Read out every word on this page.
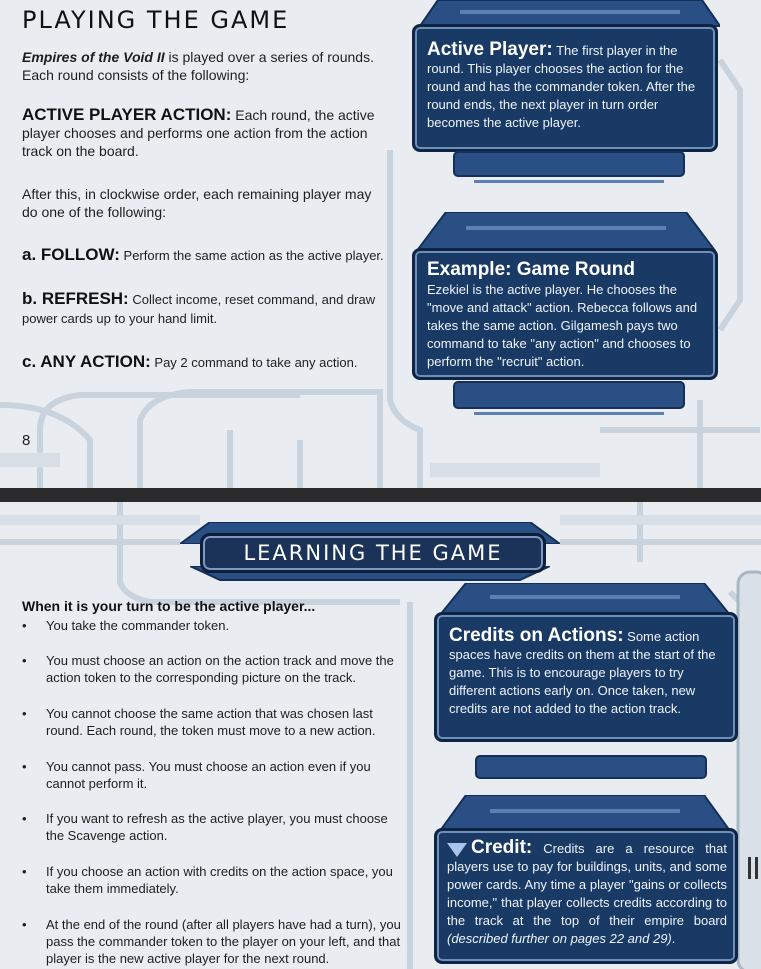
PLAYING THE GAME
Empires of the Void II is played over a series of rounds. Each round consists of the following:
ACTIVE PLAYER ACTION: Each round, the active player chooses and performs one action from the action track on the board.
After this, in clockwise order, each remaining player may do one of the following:
a. FOLLOW: Perform the same action as the active player.
b. REFRESH: Collect income, reset command, and draw power cards up to your hand limit.
c. ANY ACTION: Pay 2 command to take any action.
8
Active Player: The first player in the round. This player chooses the action for the round and has the commander token. After the round ends, the next player in turn order becomes the active player.
Example: Game Round
Ezekiel is the active player. He chooses the "move and attack" action. Rebecca follows and takes the same action. Gilgamesh pays two command to take "any action" and chooses to perform the "recruit" action.
LEARNING THE GAME
When it is your turn to be the active player...
• You take the commander token.
• You must choose an action on the action track and move the action token to the corresponding picture on the track.
• You cannot choose the same action that was chosen last round. Each round, the token must move to a new action.
• You cannot pass. You must choose an action even if you cannot perform it.
• If you want to refresh as the active player, you must choose the Scavenge action.
• If you choose an action with credits on the action space, you take them immediately.
• At the end of the round (after all players have had a turn), you pass the commander token to the player on your left, and that player is the new active player for the next round.
Credits on Actions: Some action spaces have credits on them at the start of the game. This is to encourage players to try different actions early on. Once taken, new credits are not added to the action track.
Credit: Credits are a resource that players use to pay for buildings, units, and some power cards. Any time a player "gains or collects income," that player collects credits according to the track at the top of their empire board (described further on pages 22 and 29).
